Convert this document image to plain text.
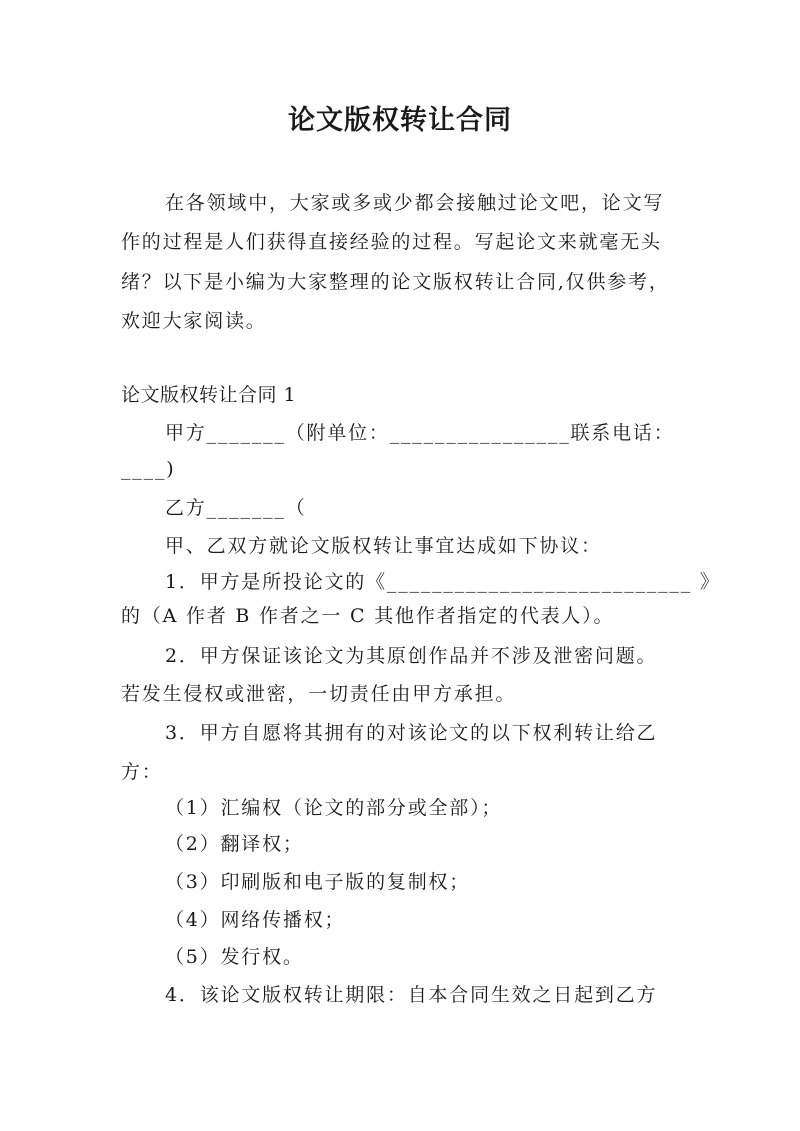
论文版权转让合同
在各领域中，大家或多或少都会接触过论文吧，论文写
作的过程是人们获得直接经验的过程。写起论文来就毫无头
绪？以下是小编为大家整理的论文版权转让合同,仅供参考，
欢迎大家阅读。
论文版权转让合同 1
甲方_______（附单位：________________联系电话：
____)
乙方_______（
甲、乙双方就论文版权转让事宜达成如下协议：
1．甲方是所投论文的《___________________________ 》
的（A 作者 B 作者之一 C 其他作者指定的代表人）。
2．甲方保证该论文为其原创作品并不涉及泄密问题。
若发生侵权或泄密，一切责任由甲方承担。
3．甲方自愿将其拥有的对该论文的以下权利转让给乙
方：
（1）汇编权（论文的部分或全部）；
（2）翻译权；
（3）印刷版和电子版的复制权；
（4）网络传播权；
（5）发行权。
4．该论文版权转让期限：自本合同生效之日起到乙方
